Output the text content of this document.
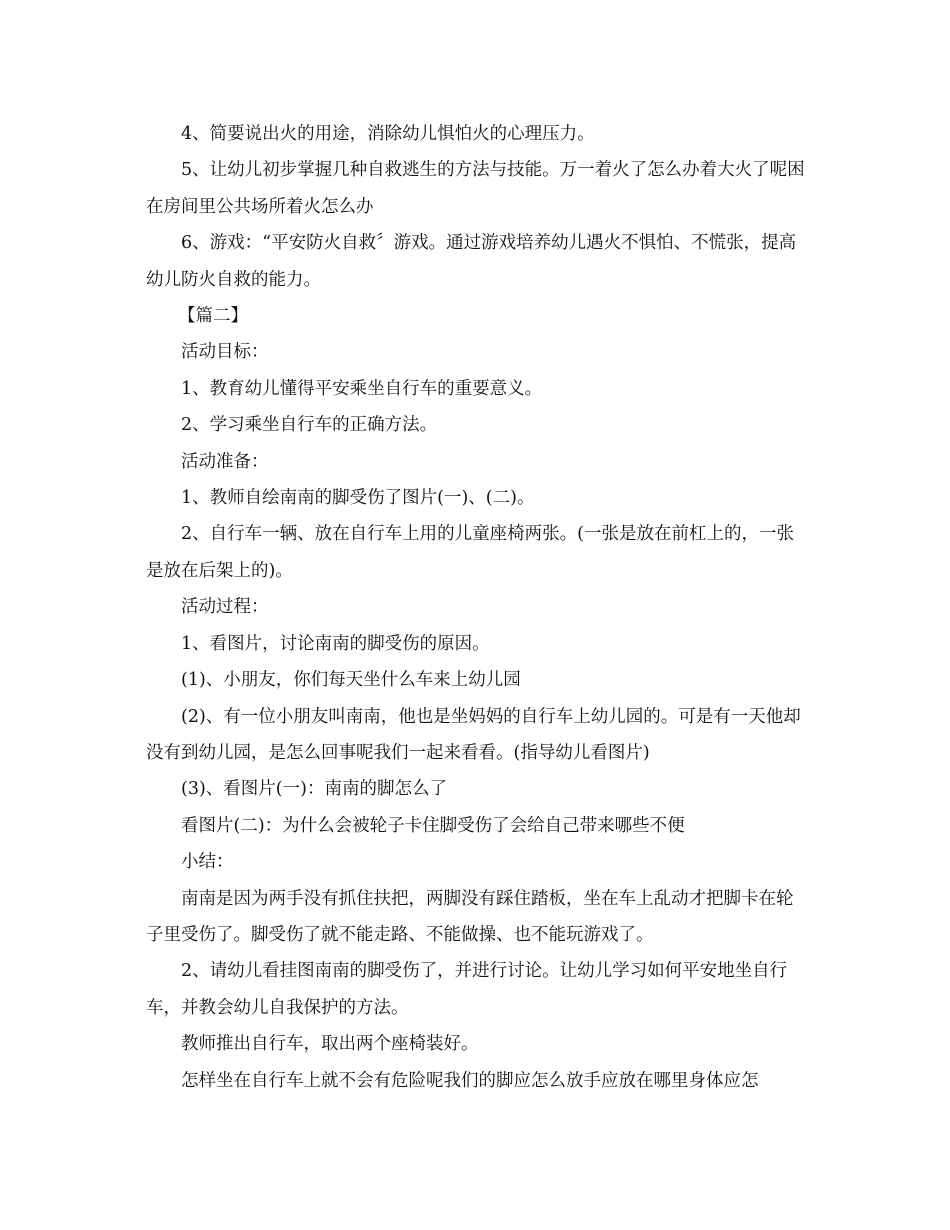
4、简要说出火的用途，消除幼儿惧怕火的心理压力。

5、让幼儿初步掌握几种自救逃生的方法与技能。万一着火了怎么办着大火了呢困在房间里公共场所着火怎么办

6、游戏：“平安防火自救〞游戏。通过游戏培养幼儿遇火不惧怕、不慌张，提高幼儿防火自救的能力。

【篇二】

活动目标：

1、教育幼儿懂得平安乘坐自行车的重要意义。

2、学习乘坐自行车的正确方法。

活动准备：

1、教师自绘南南的脚受伤了图片(一)、(二)。

2、自行车一辆、放在自行车上用的儿童座椅两张。(一张是放在前杠上的，一张是放在后架上的)。

活动过程：

1、看图片，讨论南南的脚受伤的原因。

(1)、小朋友，你们每天坐什么车来上幼儿园

(2)、有一位小朋友叫南南，他也是坐妈妈的自行车上幼儿园的。可是有一天他却没有到幼儿园，是怎么回事呢我们一起来看看。(指导幼儿看图片)

(3)、看图片(一)：南南的脚怎么了

看图片(二)：为什么会被轮子卡住脚受伤了会给自己带来哪些不便

小结：

南南是因为两手没有抓住扶把，两脚没有踩住踏板，坐在车上乱动才把脚卡在轮子里受伤了。脚受伤了就不能走路、不能做操、也不能玩游戏了。

2、请幼儿看挂图南南的脚受伤了，并进行讨论。让幼儿学习如何平安地坐自行车，并教会幼儿自我保护的方法。

教师推出自行车，取出两个座椅装好。

怎样坐在自行车上就不会有危险呢我们的脚应怎么放手应放在哪里身体应怎
